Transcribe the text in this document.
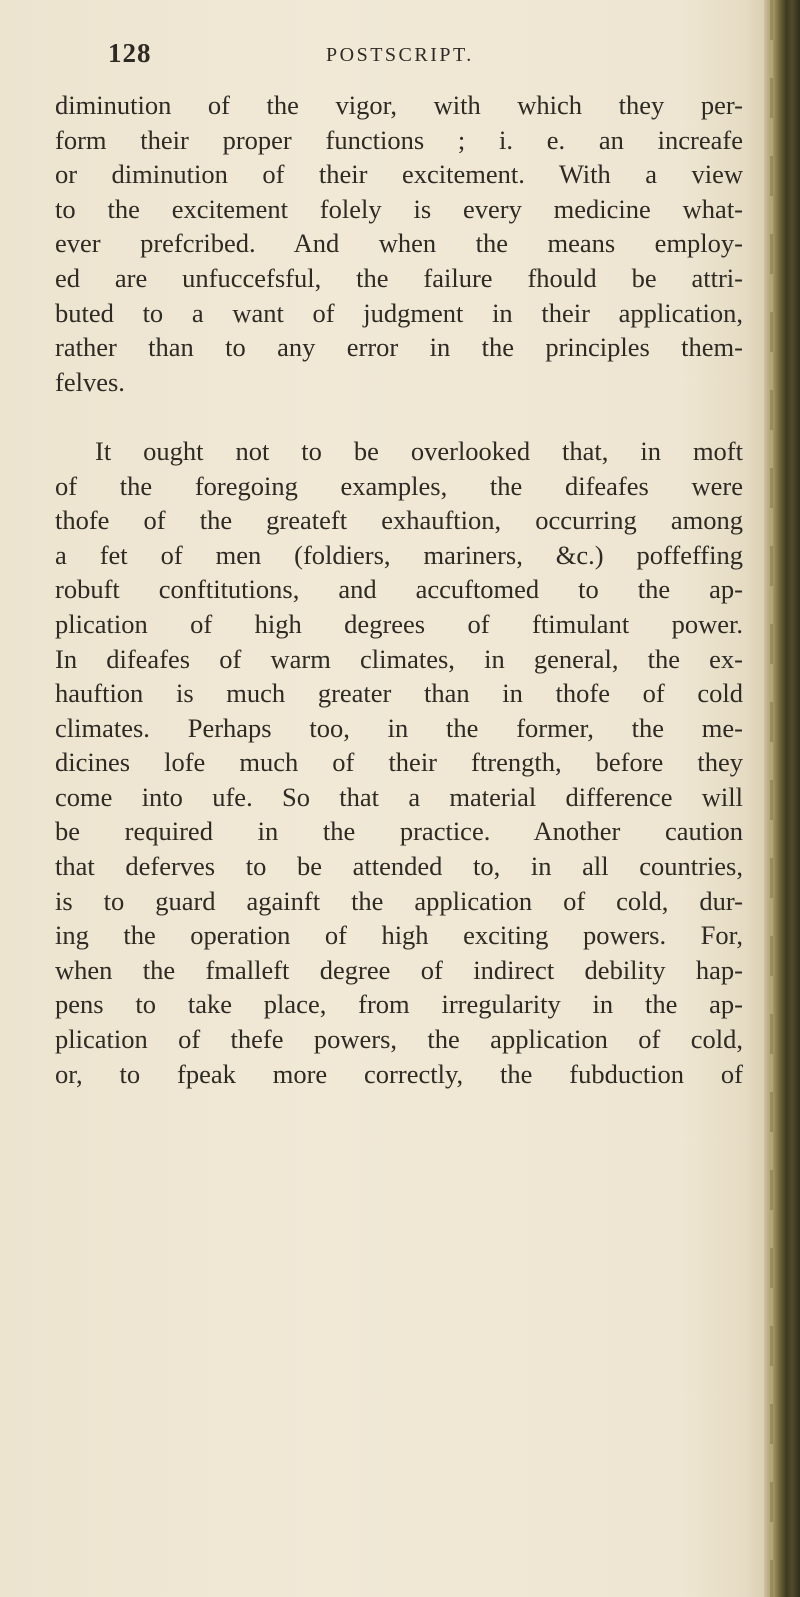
128	POSTSCRIPT.
diminution of the vigor, with which they per-
form their proper functions ; i. e. an increafe
or diminution of their excitement. With a view
to the excitement folely is every medicine what-
ever prefcribed. And when the means employ-
ed are unfuccefsful, the failure fhould be attri-
buted to a want of judgment in their application,
rather than to any error in the principles them-
felves.
It ought not to be overlooked that, in moft
of the foregoing examples, the difeafes were
thofe of the greateft exhauftion, occurring among
a fet of men (foldiers, mariners, &c.) poffeffing
robuft conftitutions, and accuftomed to the ap-
plication of high degrees of ftimulant power.
In difeafes of warm climates, in general, the ex-
hauftion is much greater than in thofe of cold
climates. Perhaps too, in the former, the me-
dicines lofe much of their ftrength, before they
come into ufe. So that a material difference will
be required in the practice. Another caution
that deferves to be attended to, in all countries,
is to guard againft the application of cold, dur-
ing the operation of high exciting powers. For,
when the fmalleft degree of indirect debility hap-
pens to take place, from irregularity in the ap-
plication of thefe powers, the application of cold,
or, to fpeak more correctly, the fubduction of
